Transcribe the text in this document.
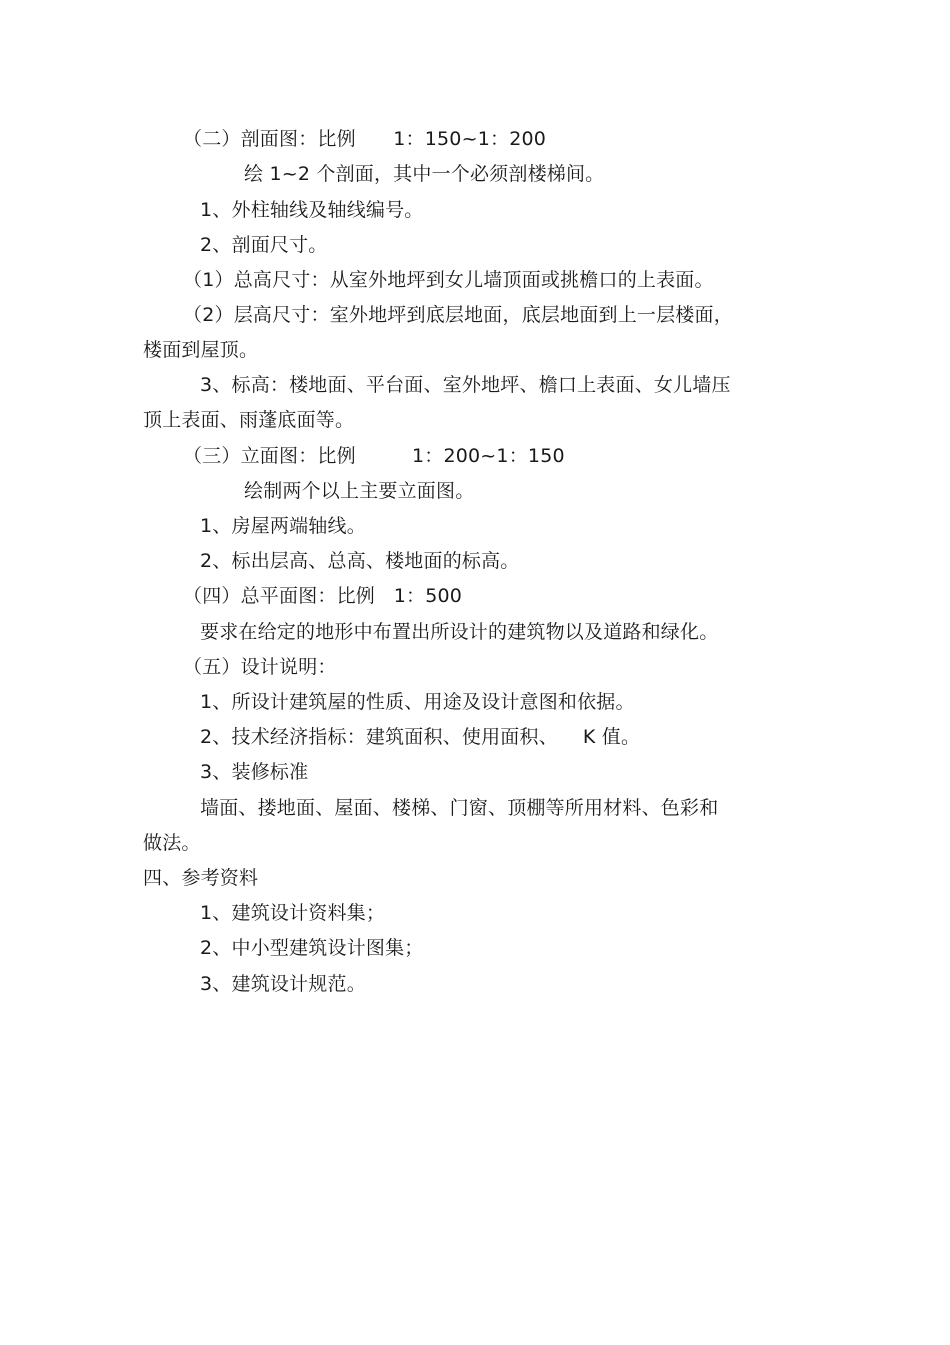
（二）剖面图：比例      1：150~1：200
绘 1~2 个剖面，其中一个必须剖楼梯间。
1、外柱轴线及轴线编号。
2、剖面尺寸。
（1）总高尺寸：从室外地坪到女儿墙顶面或挑檐口的上表面。
（2）层高尺寸：室外地坪到底层地面，底层地面到上一层楼面，
楼面到屋顶。
3、标高：楼地面、平台面、室外地坪、檐口上表面、女儿墙压
顶上表面、雨蓬底面等。
（三）立面图：比例         1：200~1：150
绘制两个以上主要立面图。
1、房屋两端轴线。
2、标出层高、总高、楼地面的标高。
（四）总平面图：比例   1：500
要求在给定的地形中布置出所设计的建筑物以及道路和绿化。
（五）设计说明：
1、所设计建筑屋的性质、用途及设计意图和依据。
2、技术经济指标：建筑面积、使用面积、    K 值。
3、装修标准
墙面、搂地面、屋面、楼梯、门窗、顶棚等所用材料、色彩和
做法。
四、参考资料
1、建筑设计资料集；
2、中小型建筑设计图集；
3、建筑设计规范。
